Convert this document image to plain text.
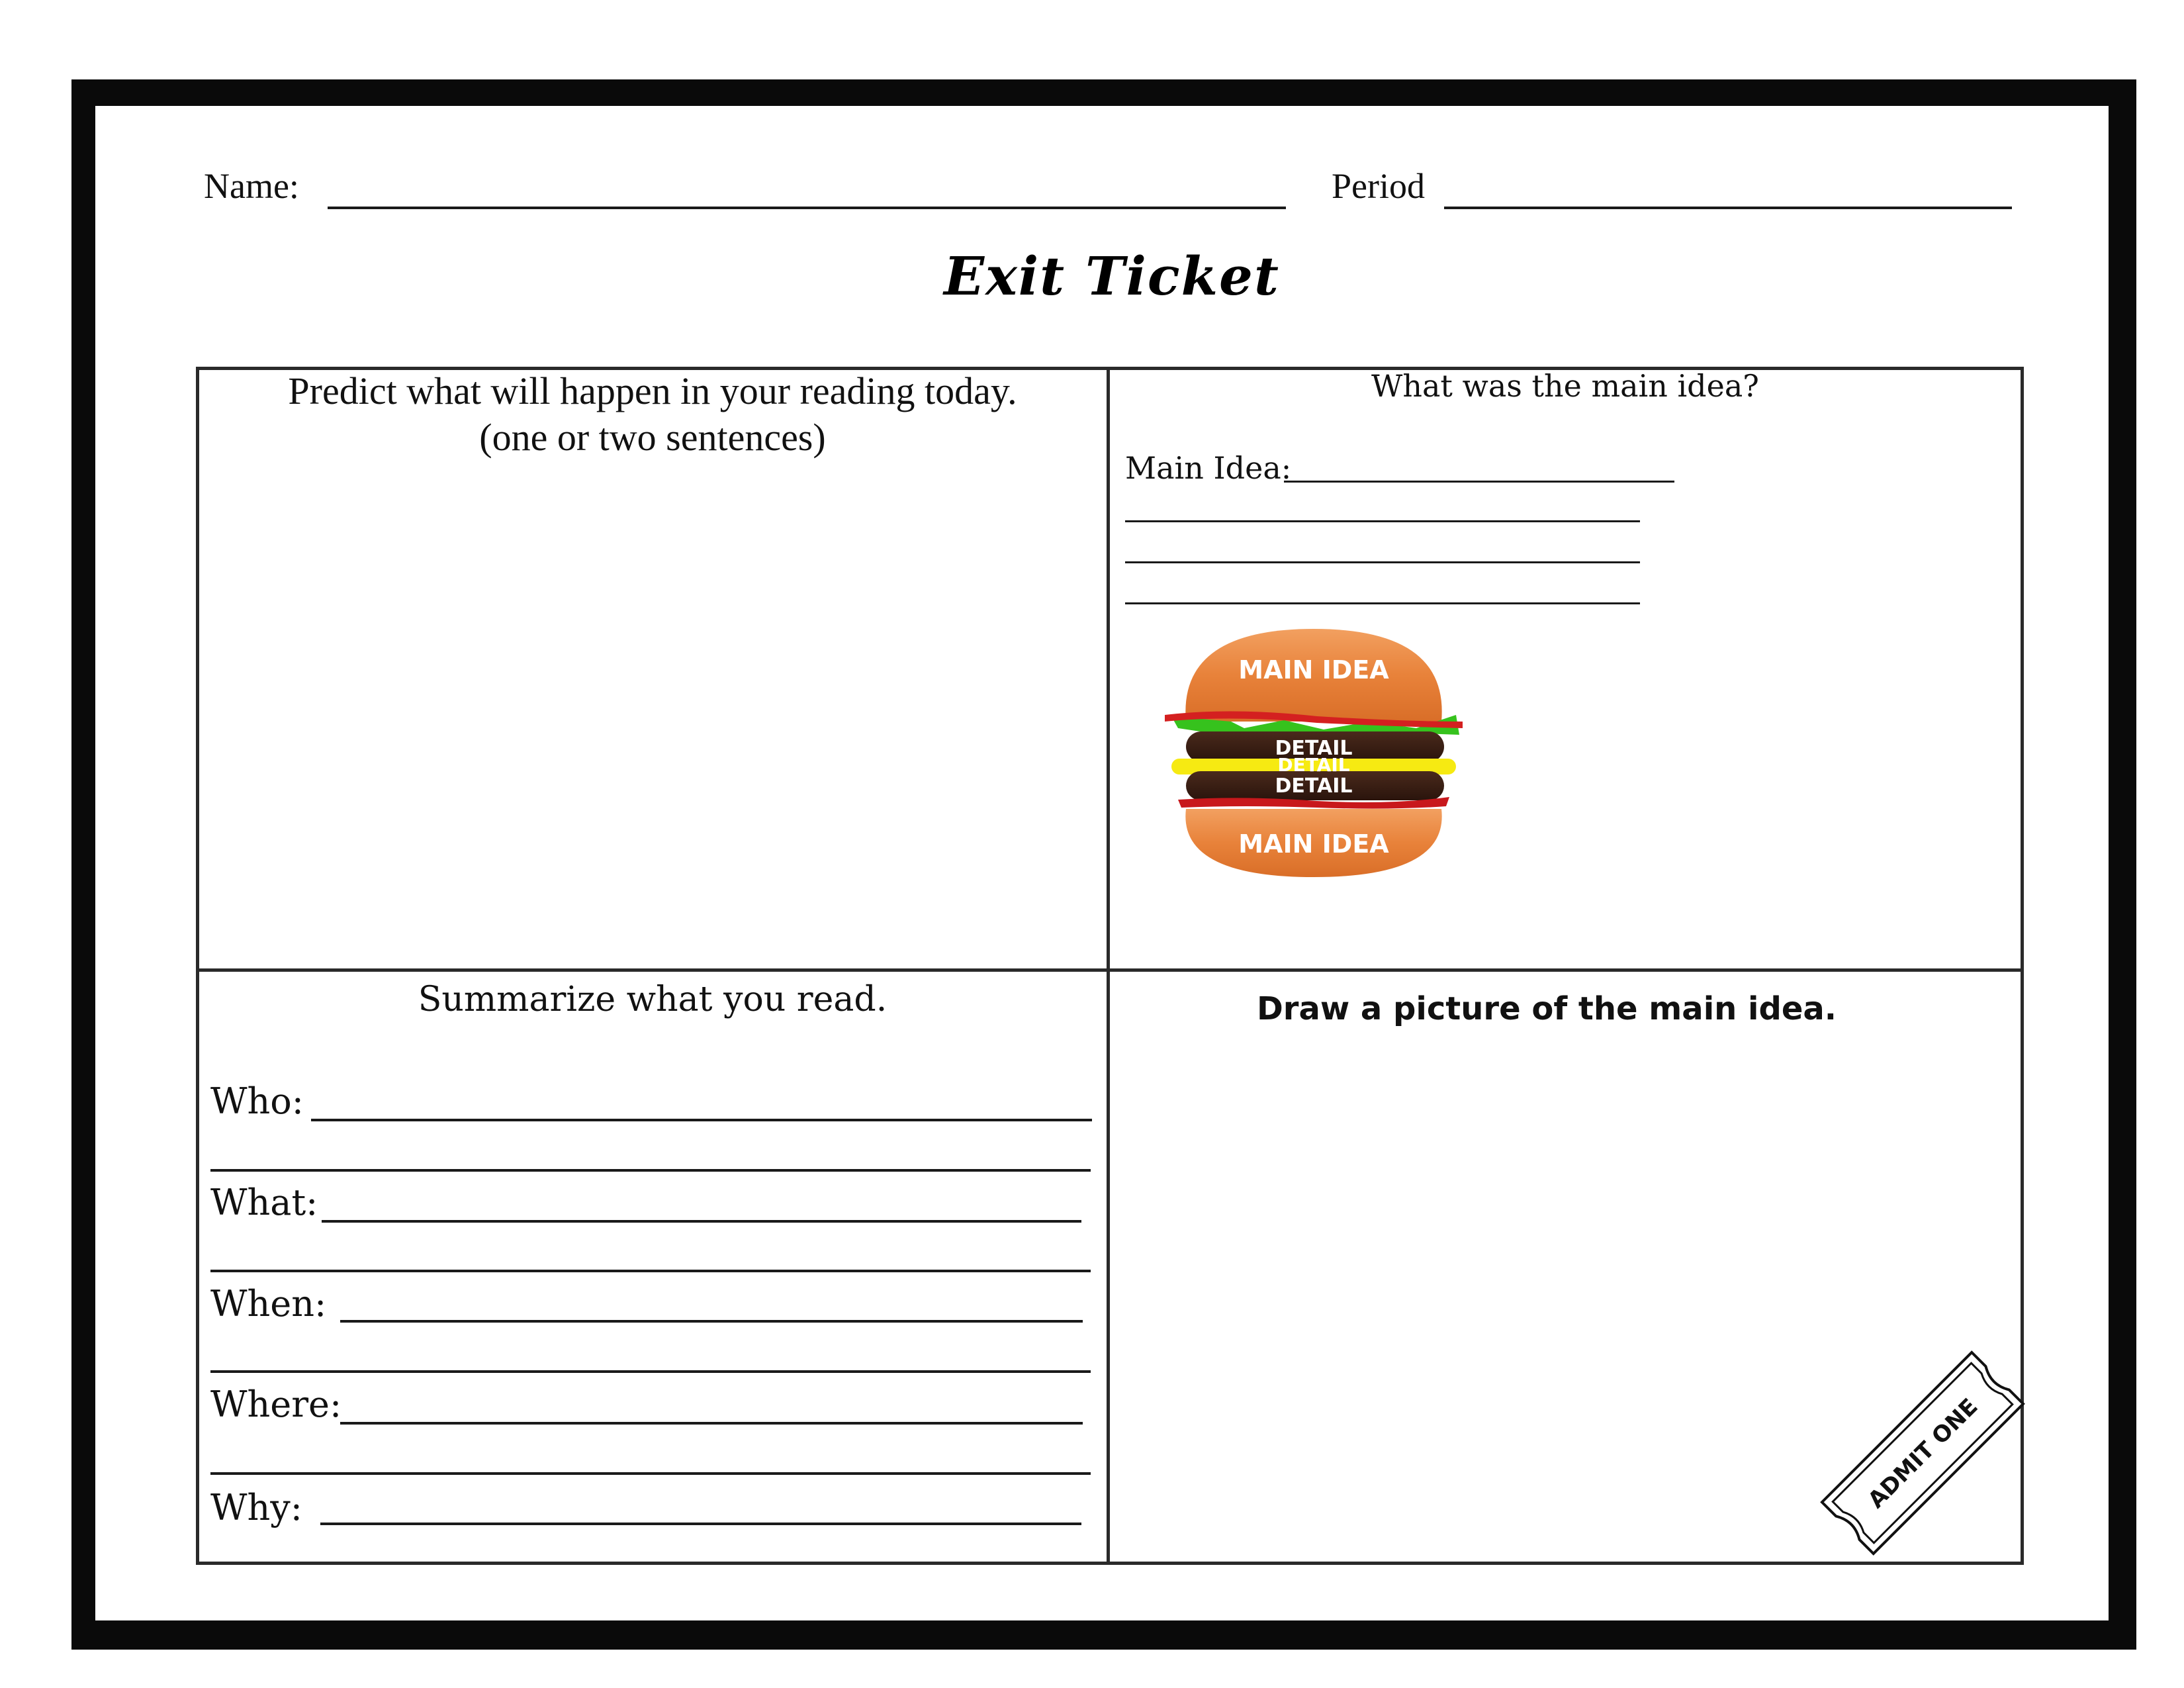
Name:	Period
Exit Ticket
Predict what will happen in your reading today.
(one or two sentences)
What was the main idea?
Main Idea:
MAIN IDEA
DETAIL
DETAIL
DETAIL
MAIN IDEA
Summarize what you read.
Who:
What:
When:
Where:
Why:
Draw a picture of the main idea.
ADMIT ONE
